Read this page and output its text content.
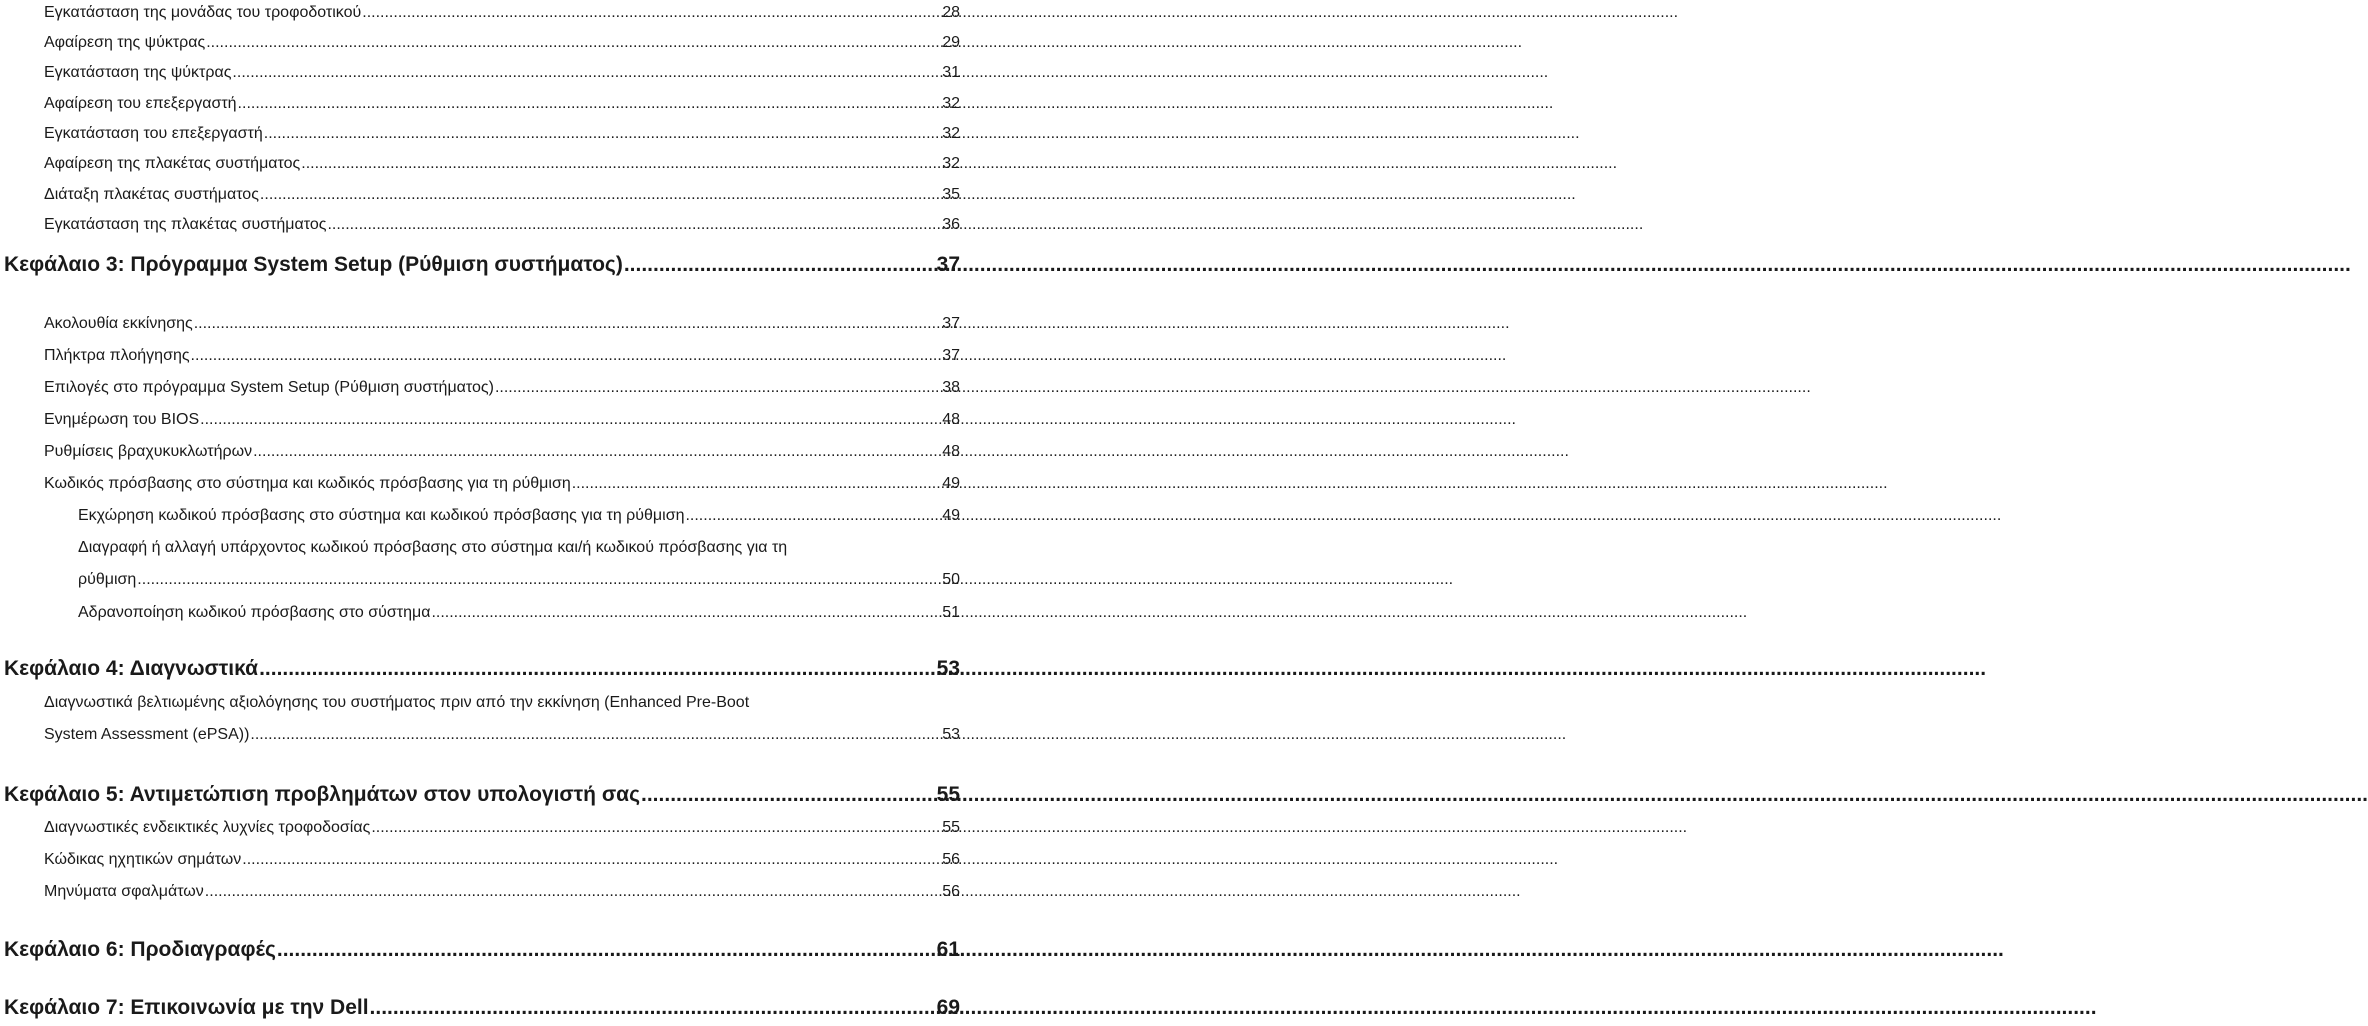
Εγκατάσταση της μονάδας του τροφοδοτικού .....	28
Αφαίρεση της ψύκτρας .....	29
Εγκατάσταση της ψύκτρας .....	31
Αφαίρεση του επεξεργαστή .....	32
Εγκατάσταση του επεξεργαστή .....	32
Αφαίρεση της πλακέτας συστήματος .....	32
Διάταξη πλακέτας συστήματος .....	35
Εγκατάσταση της πλακέτας συστήματος .....	36
Κεφάλαιο 3: Πρόγραμμα System Setup (Ρύθμιση συστήματος) .....	37
Ακολουθία εκκίνησης .....	37
Πλήκτρα πλοήγησης .....	37
Επιλογές στο πρόγραμμα System Setup (Ρύθμιση συστήματος) .....	38
Ενημέρωση του BIOS .....	48
Ρυθμίσεις βραχυκυκλωτήρων .....	48
Κωδικός πρόσβασης στο σύστημα και κωδικός πρόσβασης για τη ρύθμιση .....	49
Εκχώρηση κωδικού πρόσβασης στο σύστημα και κωδικού πρόσβασης για τη ρύθμιση .....	49
Διαγραφή ή αλλαγή υπάρχοντος κωδικού πρόσβασης στο σύστημα και/ή κωδικού πρόσβασης για τη
ρύθμιση .....	50
Αδρανοποίηση κωδικού πρόσβασης στο σύστημα .....	51
Κεφάλαιο 4: Διαγνωστικά .....	53
Διαγνωστικά βελτιωμένης αξιολόγησης του συστήματος πριν από την εκκίνηση (Enhanced Pre-Boot
System Assessment (ePSA)) .....	53
Κεφάλαιο 5: Αντιμετώπιση προβλημάτων στον υπολογιστή σας .....	55
Διαγνωστικές ενδεικτικές λυχνίες τροφοδοσίας .....	55
Κώδικας ηχητικών σημάτων .....	56
Μηνύματα σφαλμάτων .....	56
Κεφάλαιο 6: Προδιαγραφές .....	61
Κεφάλαιο 7: Επικοινωνία με την Dell .....	69
